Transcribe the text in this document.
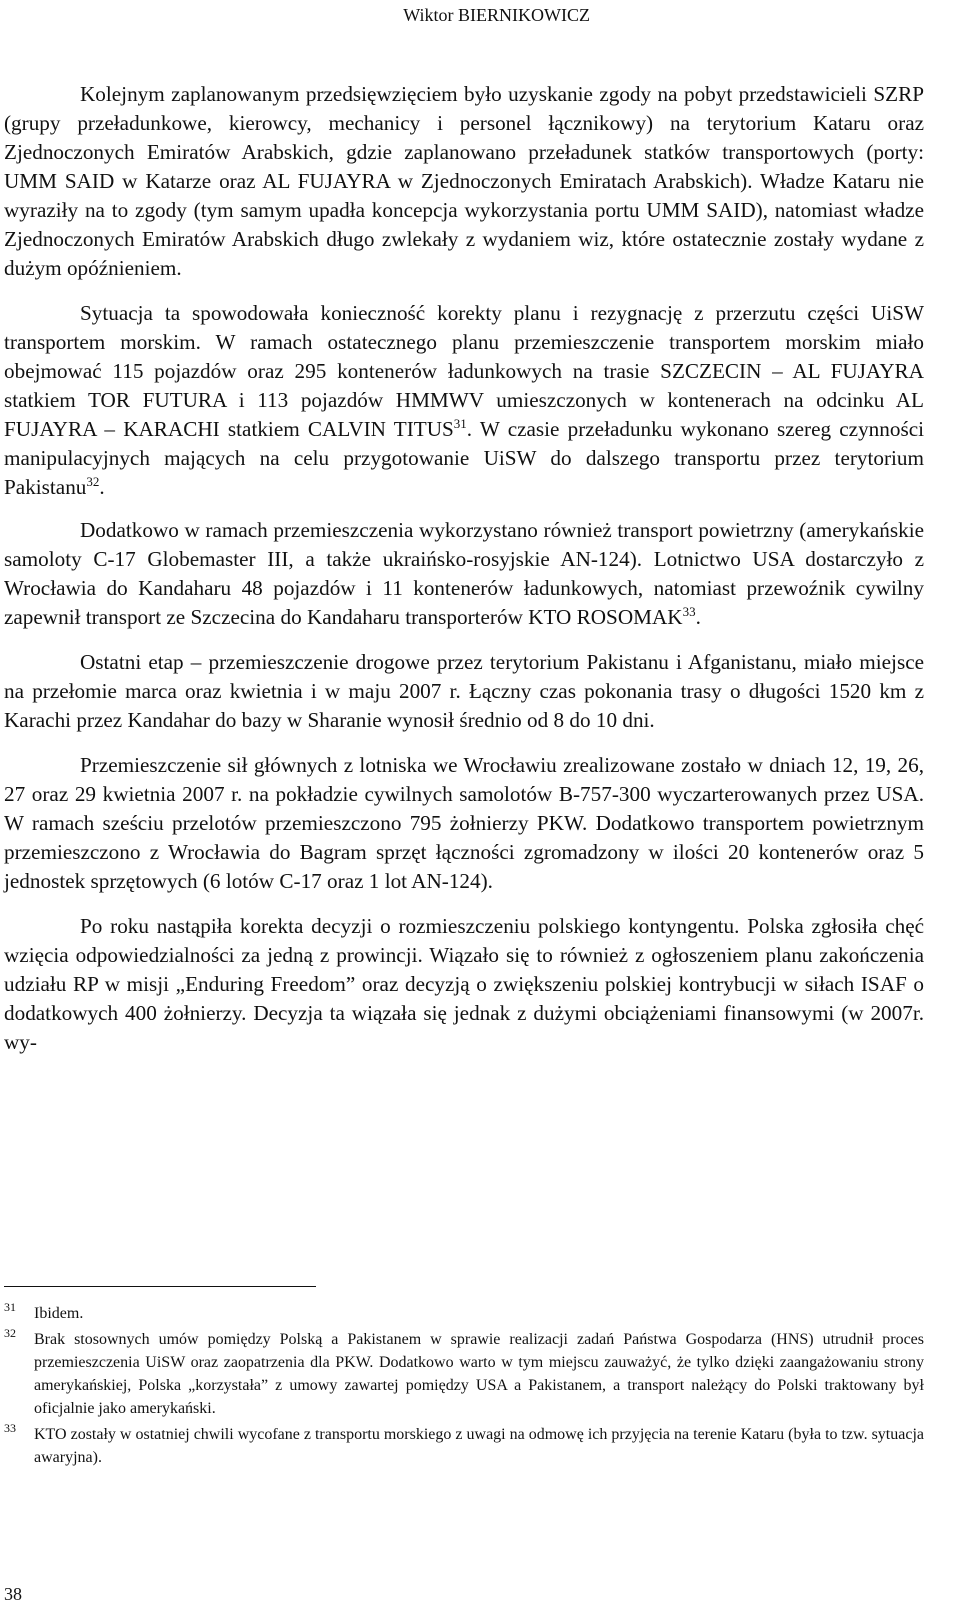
Wiktor BIERNIKOWICZ

Kolejnym zaplanowanym przedsięwzięciem było uzyskanie zgody na pobyt przedstawicieli SZRP (grupy przeładunkowe, kierowcy, mechanicy i personel łącznikowy) na terytorium Kataru oraz Zjednoczonych Emiratów Arabskich, gdzie zaplanowano przeładunek statków transportowych (porty: UMM SAID w Katarze oraz AL FUJAYRA w Zjednoczonych Emiratach Arabskich). Władze Kataru nie wyraziły na to zgody (tym samym upadła koncepcja wykorzystania portu UMM SAID), natomiast władze Zjednoczonych Emiratów Arabskich długo zwlekały z wydaniem wiz, które ostatecznie zostały wydane z dużym opóźnieniem.

Sytuacja ta spowodowała konieczność korekty planu i rezygnację z przerzutu części UiSW transportem morskim. W ramach ostatecznego planu przemieszczenie transportem morskim miało obejmować 115 pojazdów oraz 295 kontenerów ładunkowych na trasie SZCZECIN – AL FUJAYRA statkiem TOR FUTURA i 113 pojazdów HMMWV umieszczonych w kontenerach na odcinku AL FUJAYRA – KARACHI statkiem CALVIN TITUS$^{31}$. W czasie przeładunku wykonano szereg czynności manipulacyjnych mających na celu przygotowanie UiSW do dalszego transportu przez terytorium Pakistanu$^{32}$.

Dodatkowo w ramach przemieszczenia wykorzystano również transport powietrzny (amerykańskie samoloty C-17 Globemaster III, a także ukraińsko-rosyjskie AN-124). Lotnictwo USA dostarczyło z Wrocławia do Kandaharu 48 pojazdów i 11 kontenerów ładunkowych, natomiast przewoźnik cywilny zapewnił transport ze Szczecina do Kandaharu transporterów KTO ROSOMAK$^{33}$.

Ostatni etap – przemieszczenie drogowe przez terytorium Pakistanu i Afganistanu, miało miejsce na przełomie marca oraz kwietnia i w maju 2007 r. Łączny czas pokonania trasy o długości 1520 km z Karachi przez Kandahar do bazy w Sharanie wynosił średnio od 8 do 10 dni.

Przemieszczenie sił głównych z lotniska we Wrocławiu zrealizowane zostało w dniach 12, 19, 26, 27 oraz 29 kwietnia 2007 r. na pokładzie cywilnych samolotów B-757-300 wyczarterowanych przez USA. W ramach sześciu przelotów przemieszczono 795 żołnierzy PKW. Dodatkowo transportem powietrznym przemieszczono z Wrocławia do Bagram sprzęt łączności zgromadzony w ilości 20 kontenerów oraz 5 jednostek sprzętowych (6 lotów C-17 oraz 1 lot AN-124).

Po roku nastąpiła korekta decyzji o rozmieszczeniu polskiego kontyngentu. Polska zgłosiła chęć wzięcia odpowiedzialności za jedną z prowincji. Wiązało się to również z ogłoszeniem planu zakończenia udziału RP w misji „Enduring Freedom” oraz decyzją o zwiększeniu polskiej kontrybucji w siłach ISAF o dodatkowych 400 żołnierzy. Decyzja ta wiązała się jednak z dużymi obciążeniami finansowymi (w 2007r. wy-

31 Ibidem.
32 Brak stosownych umów pomiędzy Polską a Pakistanem w sprawie realizacji zadań Państwa Gospodarza (HNS) utrudnił proces przemieszczenia UiSW oraz zaopatrzenia dla PKW. Dodatkowo warto w tym miejscu zauważyć, że tylko dzięki zaangażowaniu strony amerykańskiej, Polska „korzystała” z umowy zawartej pomiędzy USA a Pakistanem, a transport należący do Polski traktowany był oficjalnie jako amerykański.
33 KTO zostały w ostatniej chwili wycofane z transportu morskiego z uwagi na odmowę ich przyjęcia na terenie Kataru (była to tzw. sytuacja awaryjna).
38
